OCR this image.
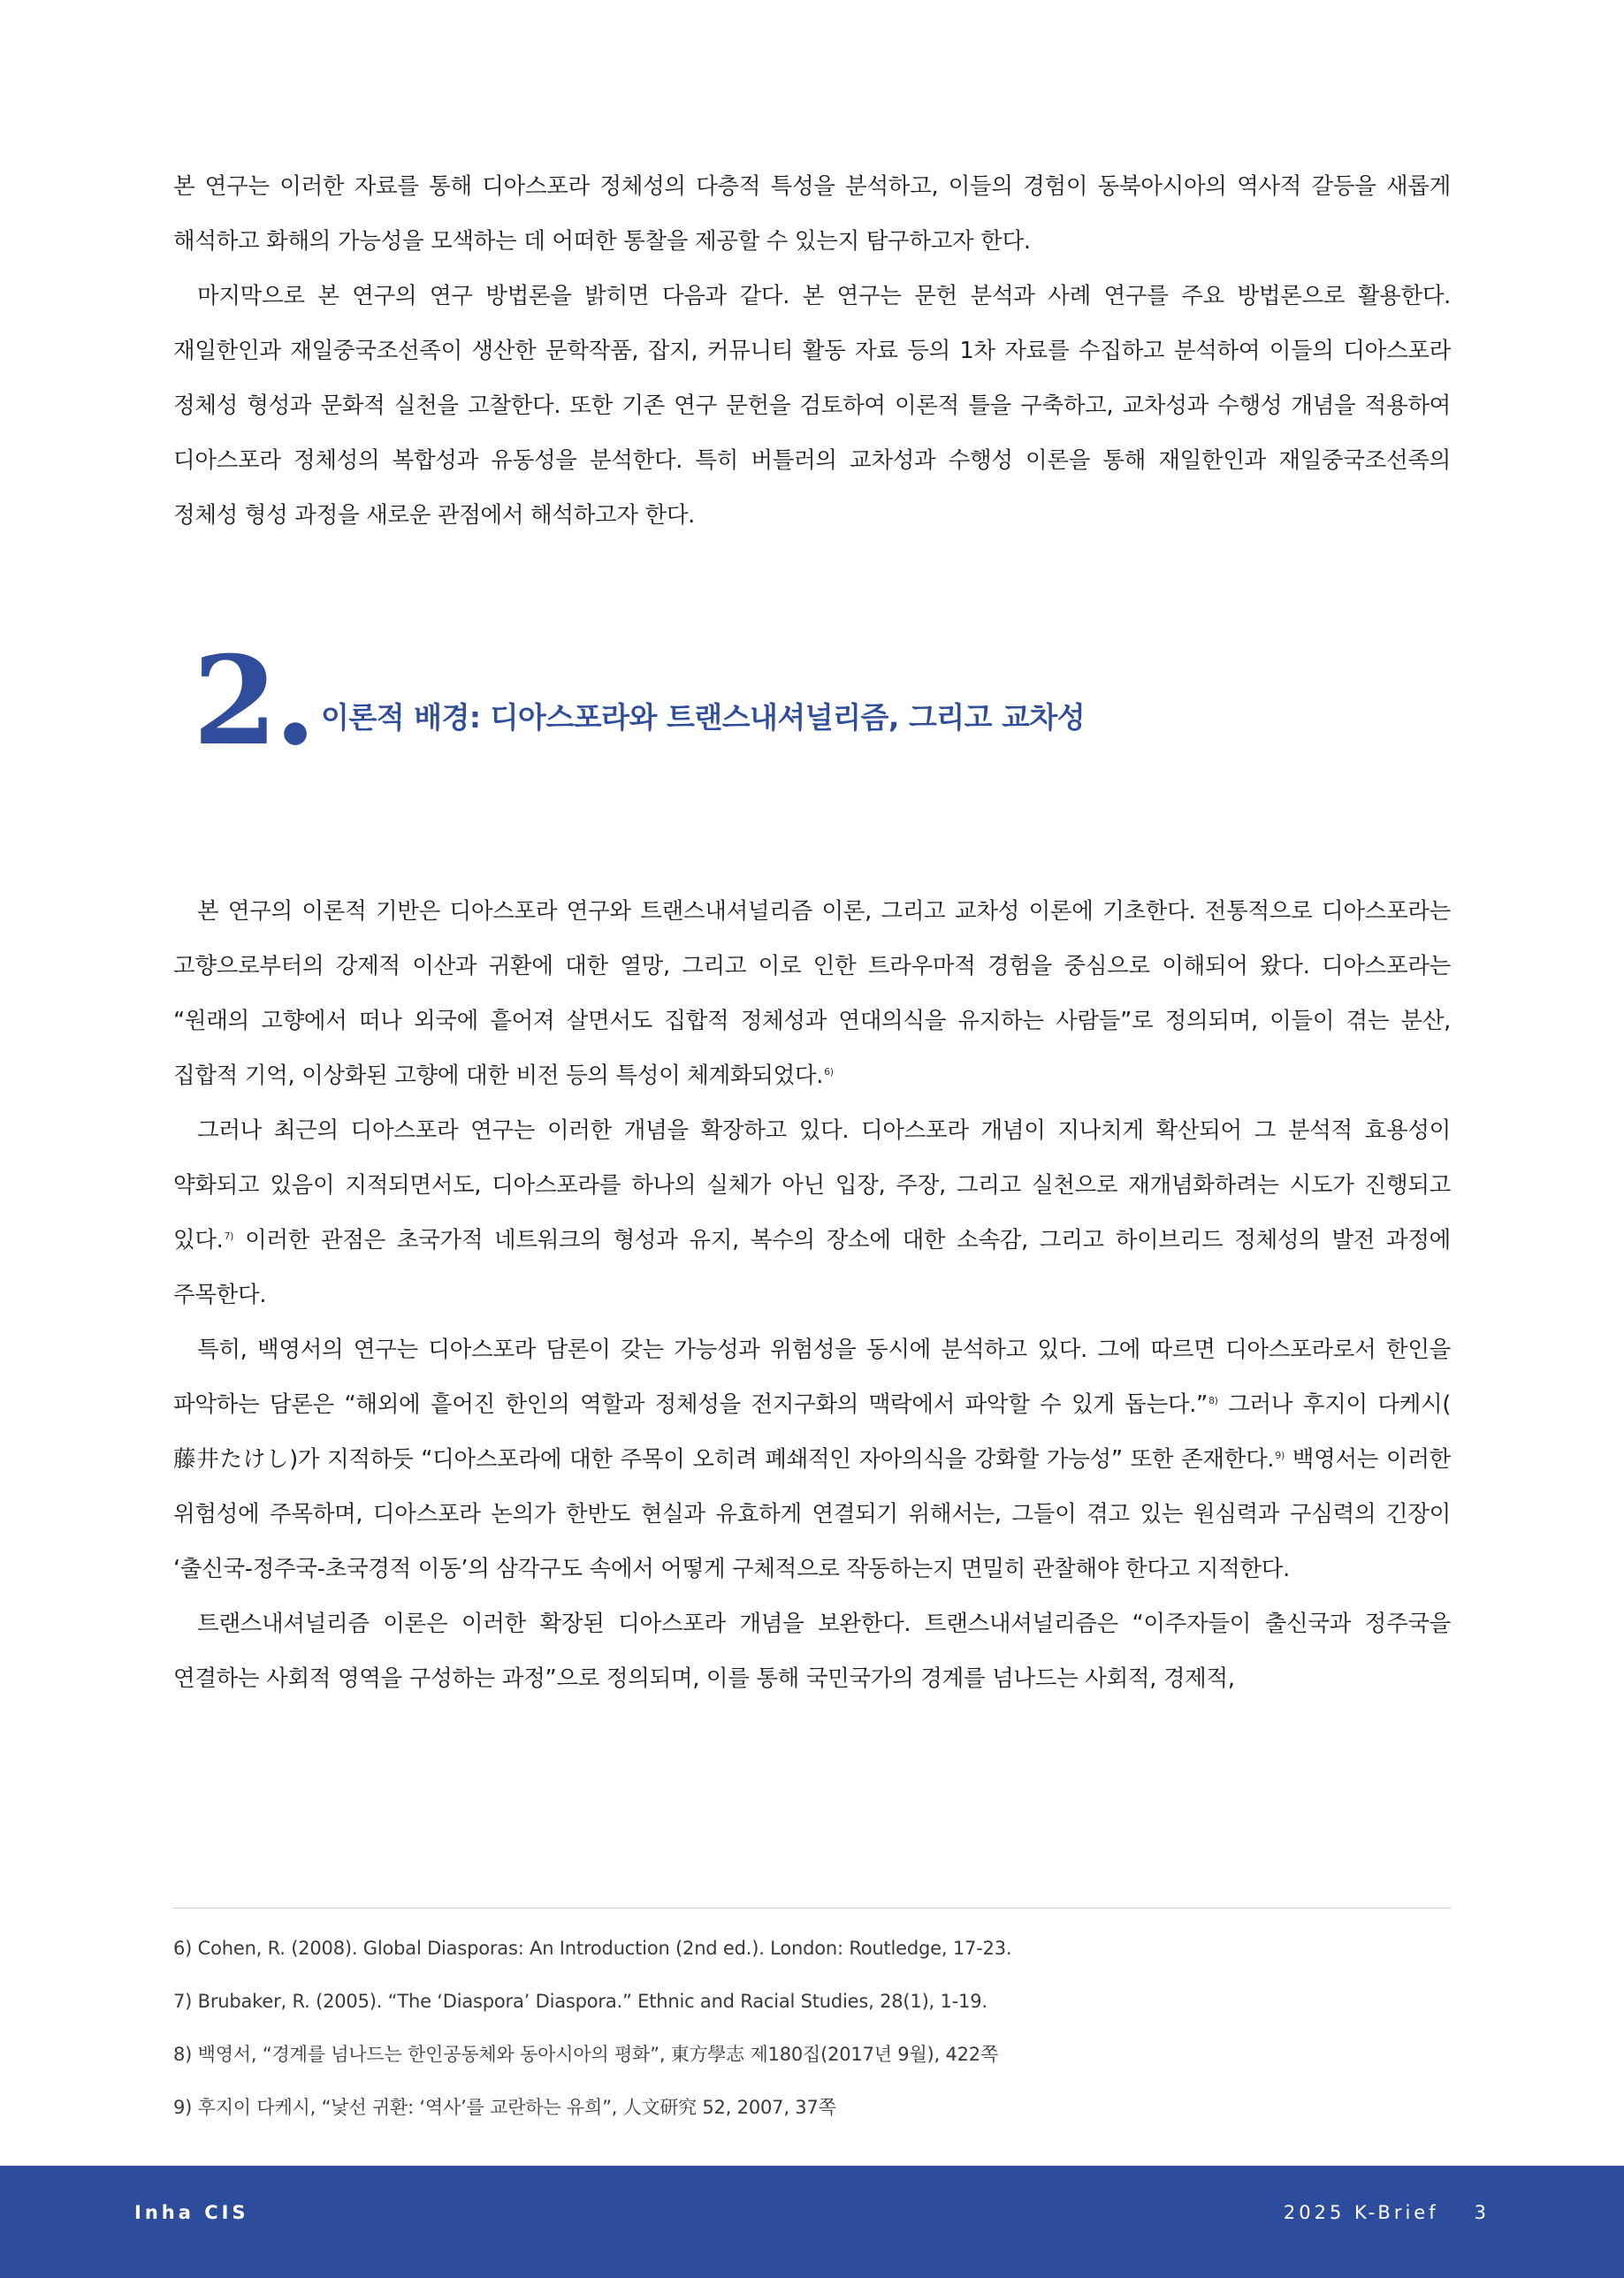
본 연구는 이러한 자료를 통해 디아스포라 정체성의 다층적 특성을 분석하고, 이들의 경험이 동북아시아의 역사적 갈등을 새롭게 해석하고 화해의 가능성을 모색하는 데 어떠한 통찰을 제공할 수 있는지 탐구하고자 한다.

마지막으로 본 연구의 연구 방법론을 밝히면 다음과 같다. 본 연구는 문헌 분석과 사례 연구를 주요 방법론으로 활용한다. 재일한인과 재일중국조선족이 생산한 문학작품, 잡지, 커뮤니티 활동 자료 등의 1차 자료를 수집하고 분석하여 이들의 디아스포라 정체성 형성과 문화적 실천을 고찰한다. 또한 기존 연구 문헌을 검토하여 이론적 틀을 구축하고, 교차성과 수행성 개념을 적용하여 디아스포라 정체성의 복합성과 유동성을 분석한다. 특히 버틀러의 교차성과 수행성 이론을 통해 재일한인과 재일중국조선족의 정체성 형성 과정을 새로운 관점에서 해석하고자 한다.

2. 이론적 배경: 디아스포라와 트랜스내셔널리즘, 그리고 교차성

본 연구의 이론적 기반은 디아스포라 연구와 트랜스내셔널리즘 이론, 그리고 교차성 이론에 기초한다. 전통적으로 디아스포라는 고향으로부터의 강제적 이산과 귀환에 대한 열망, 그리고 이로 인한 트라우마적 경험을 중심으로 이해되어 왔다. 디아스포라는 “원래의 고향에서 떠나 외국에 흩어져 살면서도 집합적 정체성과 연대의식을 유지하는 사람들”로 정의되며, 이들이 겪는 분산, 집합적 기억, 이상화된 고향에 대한 비전 등의 특성이 체계화되었다.$^{6)}$

그러나 최근의 디아스포라 연구는 이러한 개념을 확장하고 있다. 디아스포라 개념이 지나치게 확산되어 그 분석적 효용성이 약화되고 있음이 지적되면서도, 디아스포라를 하나의 실체가 아닌 입장, 주장, 그리고 실천으로 재개념화하려는 시도가 진행되고 있다.$^{7)}$ 이러한 관점은 초국가적 네트워크의 형성과 유지, 복수의 장소에 대한 소속감, 그리고 하이브리드 정체성의 발전 과정에 주목한다.

특히, 백영서의 연구는 디아스포라 담론이 갖는 가능성과 위험성을 동시에 분석하고 있다. 그에 따르면 디아스포라로서 한인을 파악하는 담론은 “해외에 흩어진 한인의 역할과 정체성을 전지구화의 맥락에서 파악할 수 있게 돕는다.”$^{8)}$ 그러나 후지이 다케시( 藤井たけし)가 지적하듯 “디아스포라에 대한 주목이 오히려 폐쇄적인 자아의식을 강화할 가능성” 또한 존재한다.$^{9)}$ 백영서는 이러한 위험성에 주목하며, 디아스포라 논의가 한반도 현실과 유효하게 연결되기 위해서는, 그들이 겪고 있는 원심력과 구심력의 긴장이 ‘출신국-정주국-초국경적 이동’의 삼각구도 속에서 어떻게 구체적으로 작동하는지 면밀히 관찰해야 한다고 지적한다.

트랜스내셔널리즘 이론은 이러한 확장된 디아스포라 개념을 보완한다. 트랜스내셔널리즘은 “이주자들이 출신국과 정주국을 연결하는 사회적 영역을 구성하는 과정”으로 정의되며, 이를 통해 국민국가의 경계를 넘나드는 사회적, 경제적,

6) Cohen, R. (2008). Global Diasporas: An Introduction (2nd ed.). London: Routledge, 17-23.
7) Brubaker, R. (2005). “The ‘Diaspora’ Diaspora.” Ethnic and Racial Studies, 28(1), 1-19.
8) 백영서, “경계를 넘나드는 한인공동체와 동아시아의 평화”, 東方學志 제180집(2017년 9월), 422쪽
9) 후지이 다케시, “낯선 귀환: ‘역사’를 교란하는 유희”, 人文研究 52, 2007, 37쪽
Inha CIS	2025 K-Brief 3
